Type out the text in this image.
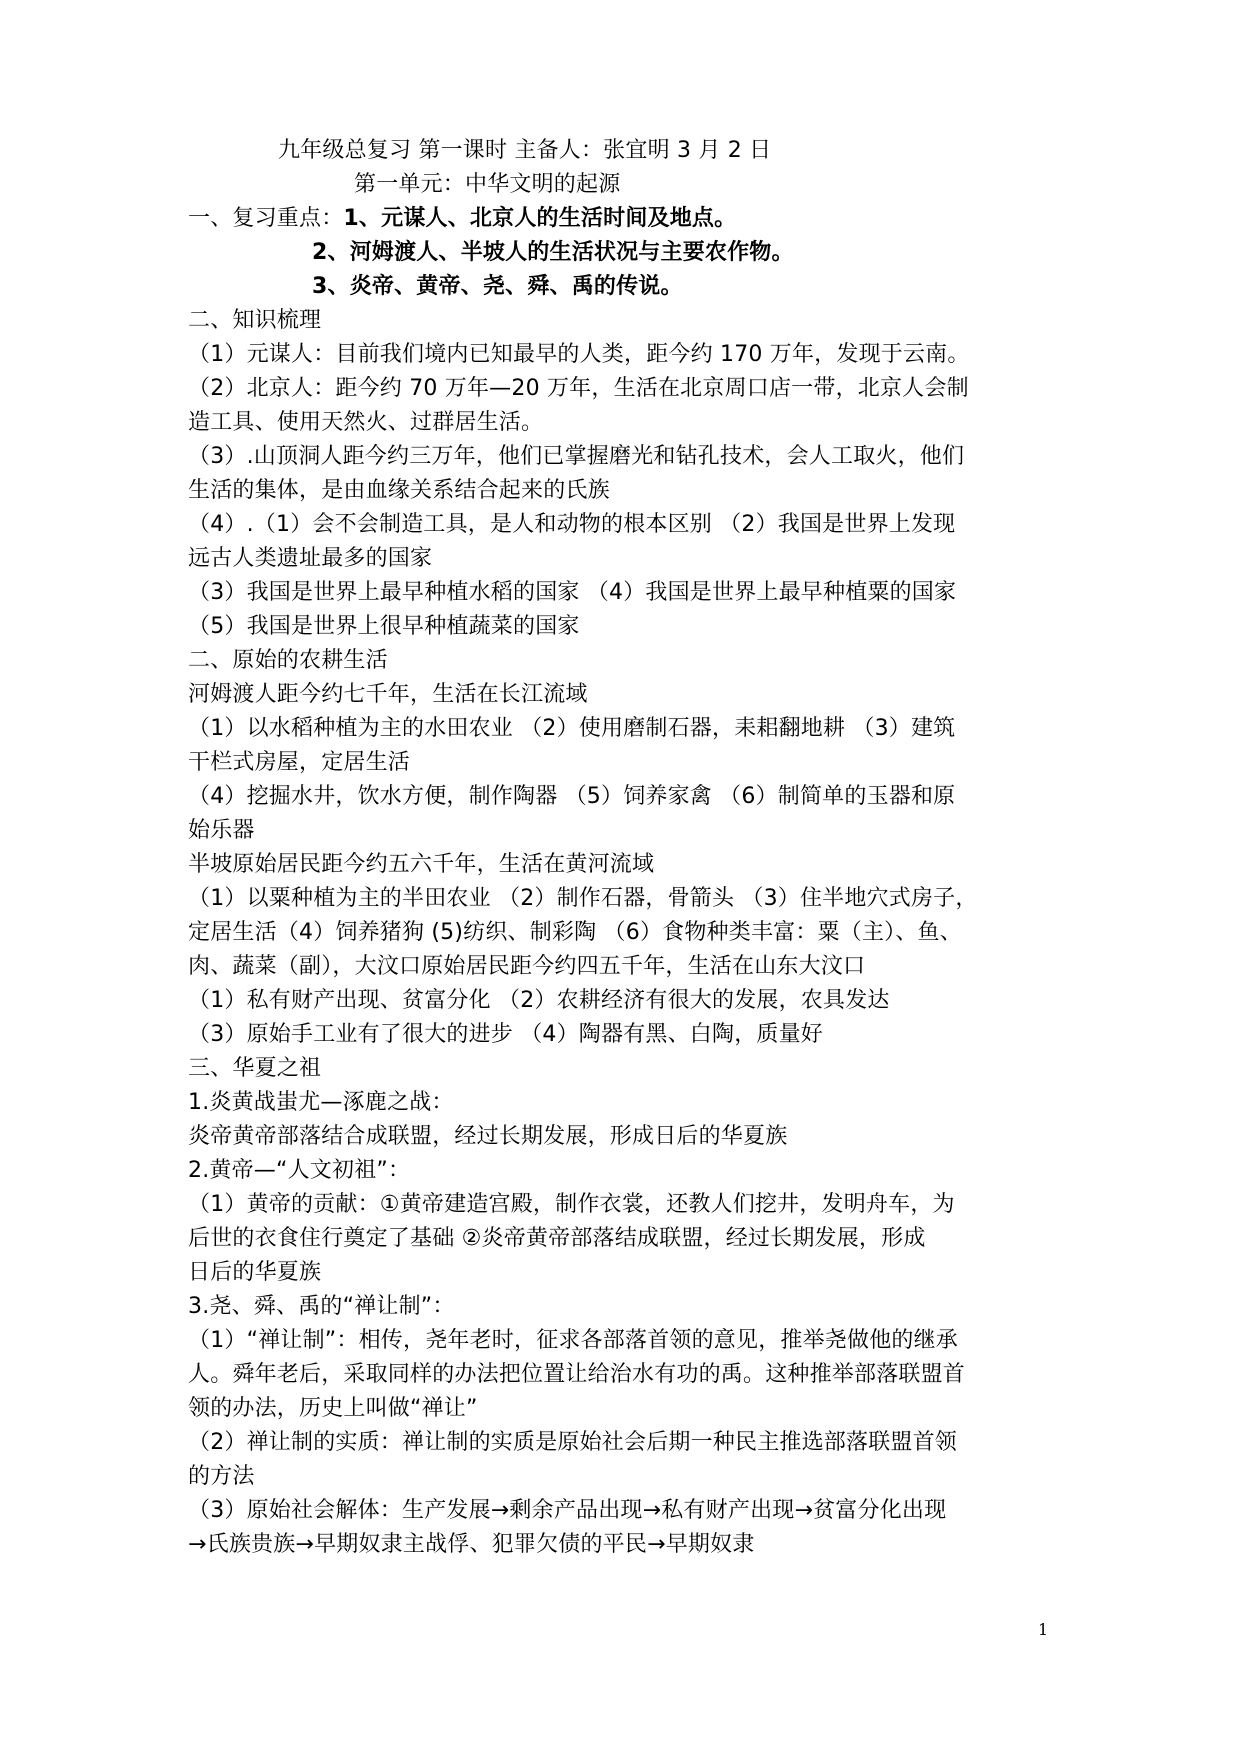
九年级总复习 第一课时 主备人：张宜明 3 月 2 日
第一单元：中华文明的起源
一、复习重点：1、元谋人、北京人的生活时间及地点。
2、河姆渡人、半坡人的生活状况与主要农作物。
3、炎帝、黄帝、尧、舜、禹的传说。
二、知识梳理
（1）元谋人：目前我们境内已知最早的人类，距今约 170 万年，发现于云南。
（2）北京人：距今约 70 万年—20 万年，生活在北京周口店一带，北京人会制
造工具、使用天然火、过群居生活。
（3）.山顶洞人距今约三万年，他们已掌握磨光和钻孔技术，会人工取火，他们
生活的集体，是由血缘关系结合起来的氏族
（4）.（1）会不会制造工具，是人和动物的根本区别 （2）我国是世界上发现
远古人类遗址最多的国家
（3）我国是世界上最早种植水稻的国家 （4）我国是世界上最早种植粟的国家
（5）我国是世界上很早种植蔬菜的国家
二、原始的农耕生活
河姆渡人距今约七千年，生活在长江流域
（1）以水稻种植为主的水田农业 （2）使用磨制石器，耒耜翻地耕 （3）建筑
干栏式房屋，定居生活
（4）挖掘水井，饮水方便，制作陶器 （5）饲养家禽 （6）制简单的玉器和原
始乐器
半坡原始居民距今约五六千年，生活在黄河流域
（1）以粟种植为主的半田农业 （2）制作石器，骨箭头 （3）住半地穴式房子，
定居生活（4）饲养猪狗 (5)纺织、制彩陶 （6）食物种类丰富：粟（主）、鱼、
肉、蔬菜（副），大汶口原始居民距今约四五千年，生活在山东大汶口
（1）私有财产出现、贫富分化 （2）农耕经济有很大的发展，农具发达
（3）原始手工业有了很大的进步 （4）陶器有黑、白陶，质量好
三、华夏之祖
1.炎黄战蚩尤—涿鹿之战：
炎帝黄帝部落结合成联盟，经过长期发展，形成日后的华夏族
2.黄帝—“人文初祖”：
（1）黄帝的贡献：①黄帝建造宫殿，制作衣裳，还教人们挖井，发明舟车，为
后世的衣食住行奠定了基础 ②炎帝黄帝部落结成联盟，经过长期发展，形成
日后的华夏族
3.尧、舜、禹的“禅让制”：
（1）“禅让制”：相传，尧年老时，征求各部落首领的意见，推举尧做他的继承
人。舜年老后，采取同样的办法把位置让给治水有功的禹。这种推举部落联盟首
领的办法，历史上叫做“禅让”
（2）禅让制的实质：禅让制的实质是原始社会后期一种民主推选部落联盟首领
的方法
（3）原始社会解体：生产发展→剩余产品出现→私有财产出现→贫富分化出现
→氏族贵族→早期奴隶主战俘、犯罪欠债的平民→早期奴隶
1
